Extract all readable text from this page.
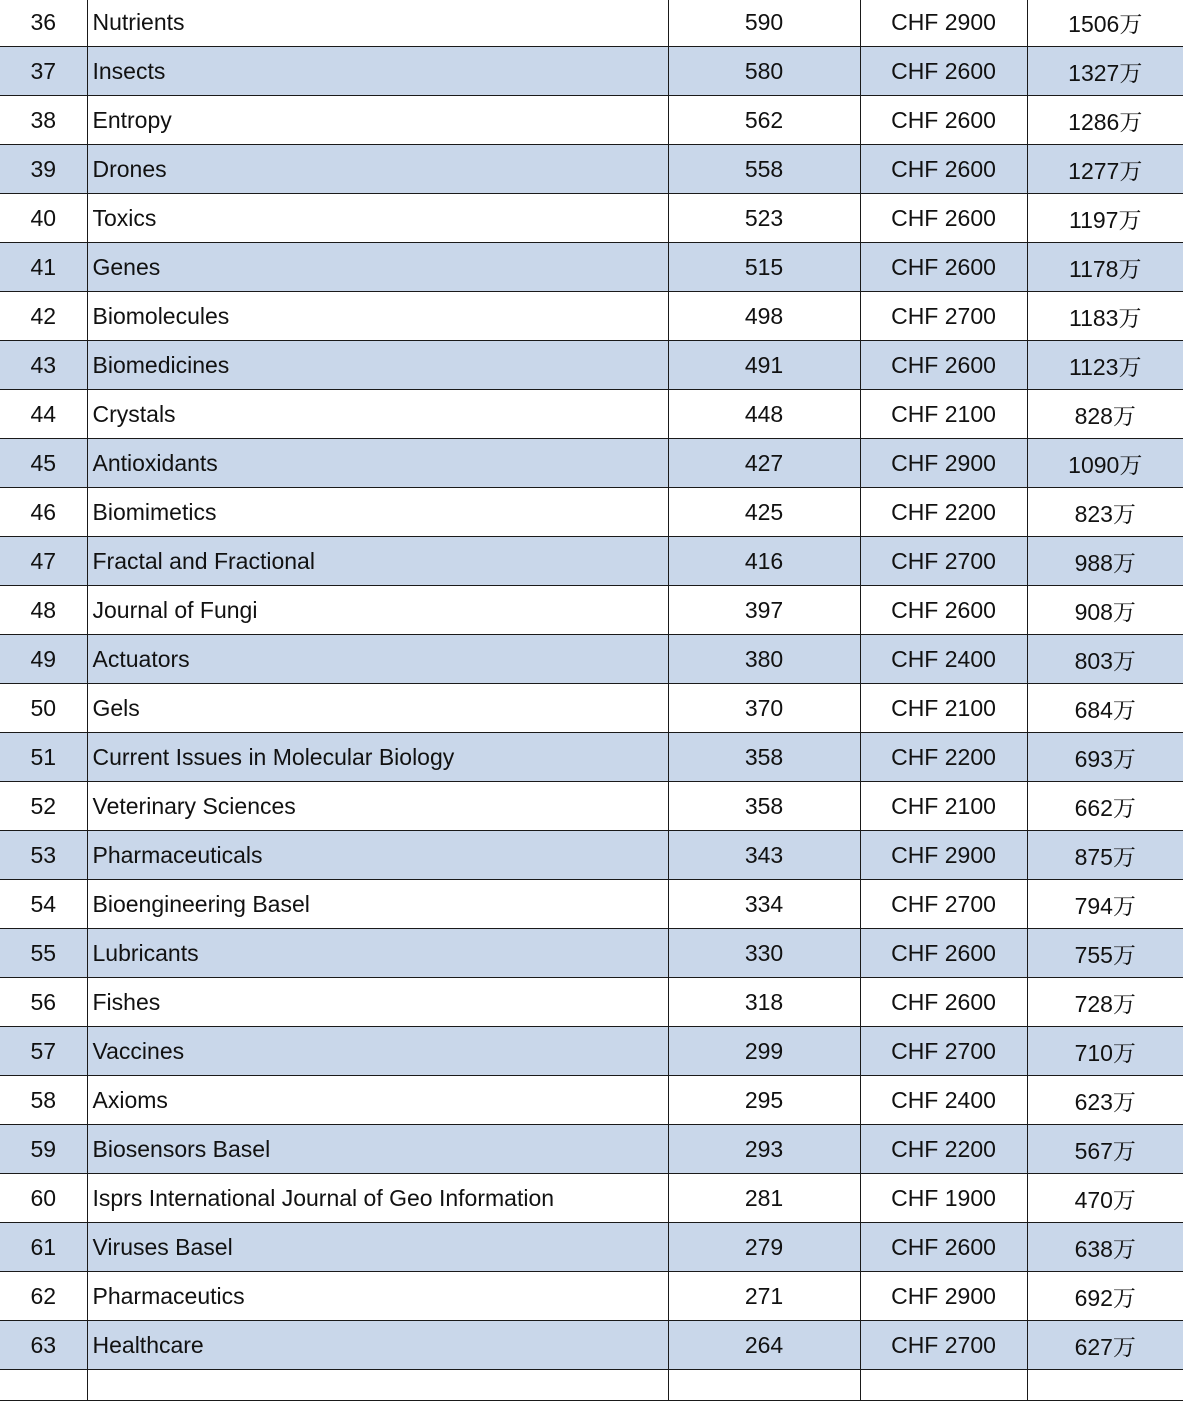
36	Nutrients	590	CHF 2900	1506万
37	Insects	580	CHF 2600	1327万
38	Entropy	562	CHF 2600	1286万
39	Drones	558	CHF 2600	1277万
40	Toxics	523	CHF 2600	1197万
41	Genes	515	CHF 2600	1178万
42	Biomolecules	498	CHF 2700	1183万
43	Biomedicines	491	CHF 2600	1123万
44	Crystals	448	CHF 2100	828万
45	Antioxidants	427	CHF 2900	1090万
46	Biomimetics	425	CHF 2200	823万
47	Fractal and Fractional	416	CHF 2700	988万
48	Journal of Fungi	397	CHF 2600	908万
49	Actuators	380	CHF 2400	803万
50	Gels	370	CHF 2100	684万
51	Current Issues in Molecular Biology	358	CHF 2200	693万
52	Veterinary Sciences	358	CHF 2100	662万
53	Pharmaceuticals	343	CHF 2900	875万
54	Bioengineering Basel	334	CHF 2700	794万
55	Lubricants	330	CHF 2600	755万
56	Fishes	318	CHF 2600	728万
57	Vaccines	299	CHF 2700	710万
58	Axioms	295	CHF 2400	623万
59	Biosensors Basel	293	CHF 2200	567万
60	Isprs International Journal of Geo Information	281	CHF 1900	470万
61	Viruses Basel	279	CHF 2600	638万
62	Pharmaceutics	271	CHF 2900	692万
63	Healthcare	264	CHF 2700	627万
